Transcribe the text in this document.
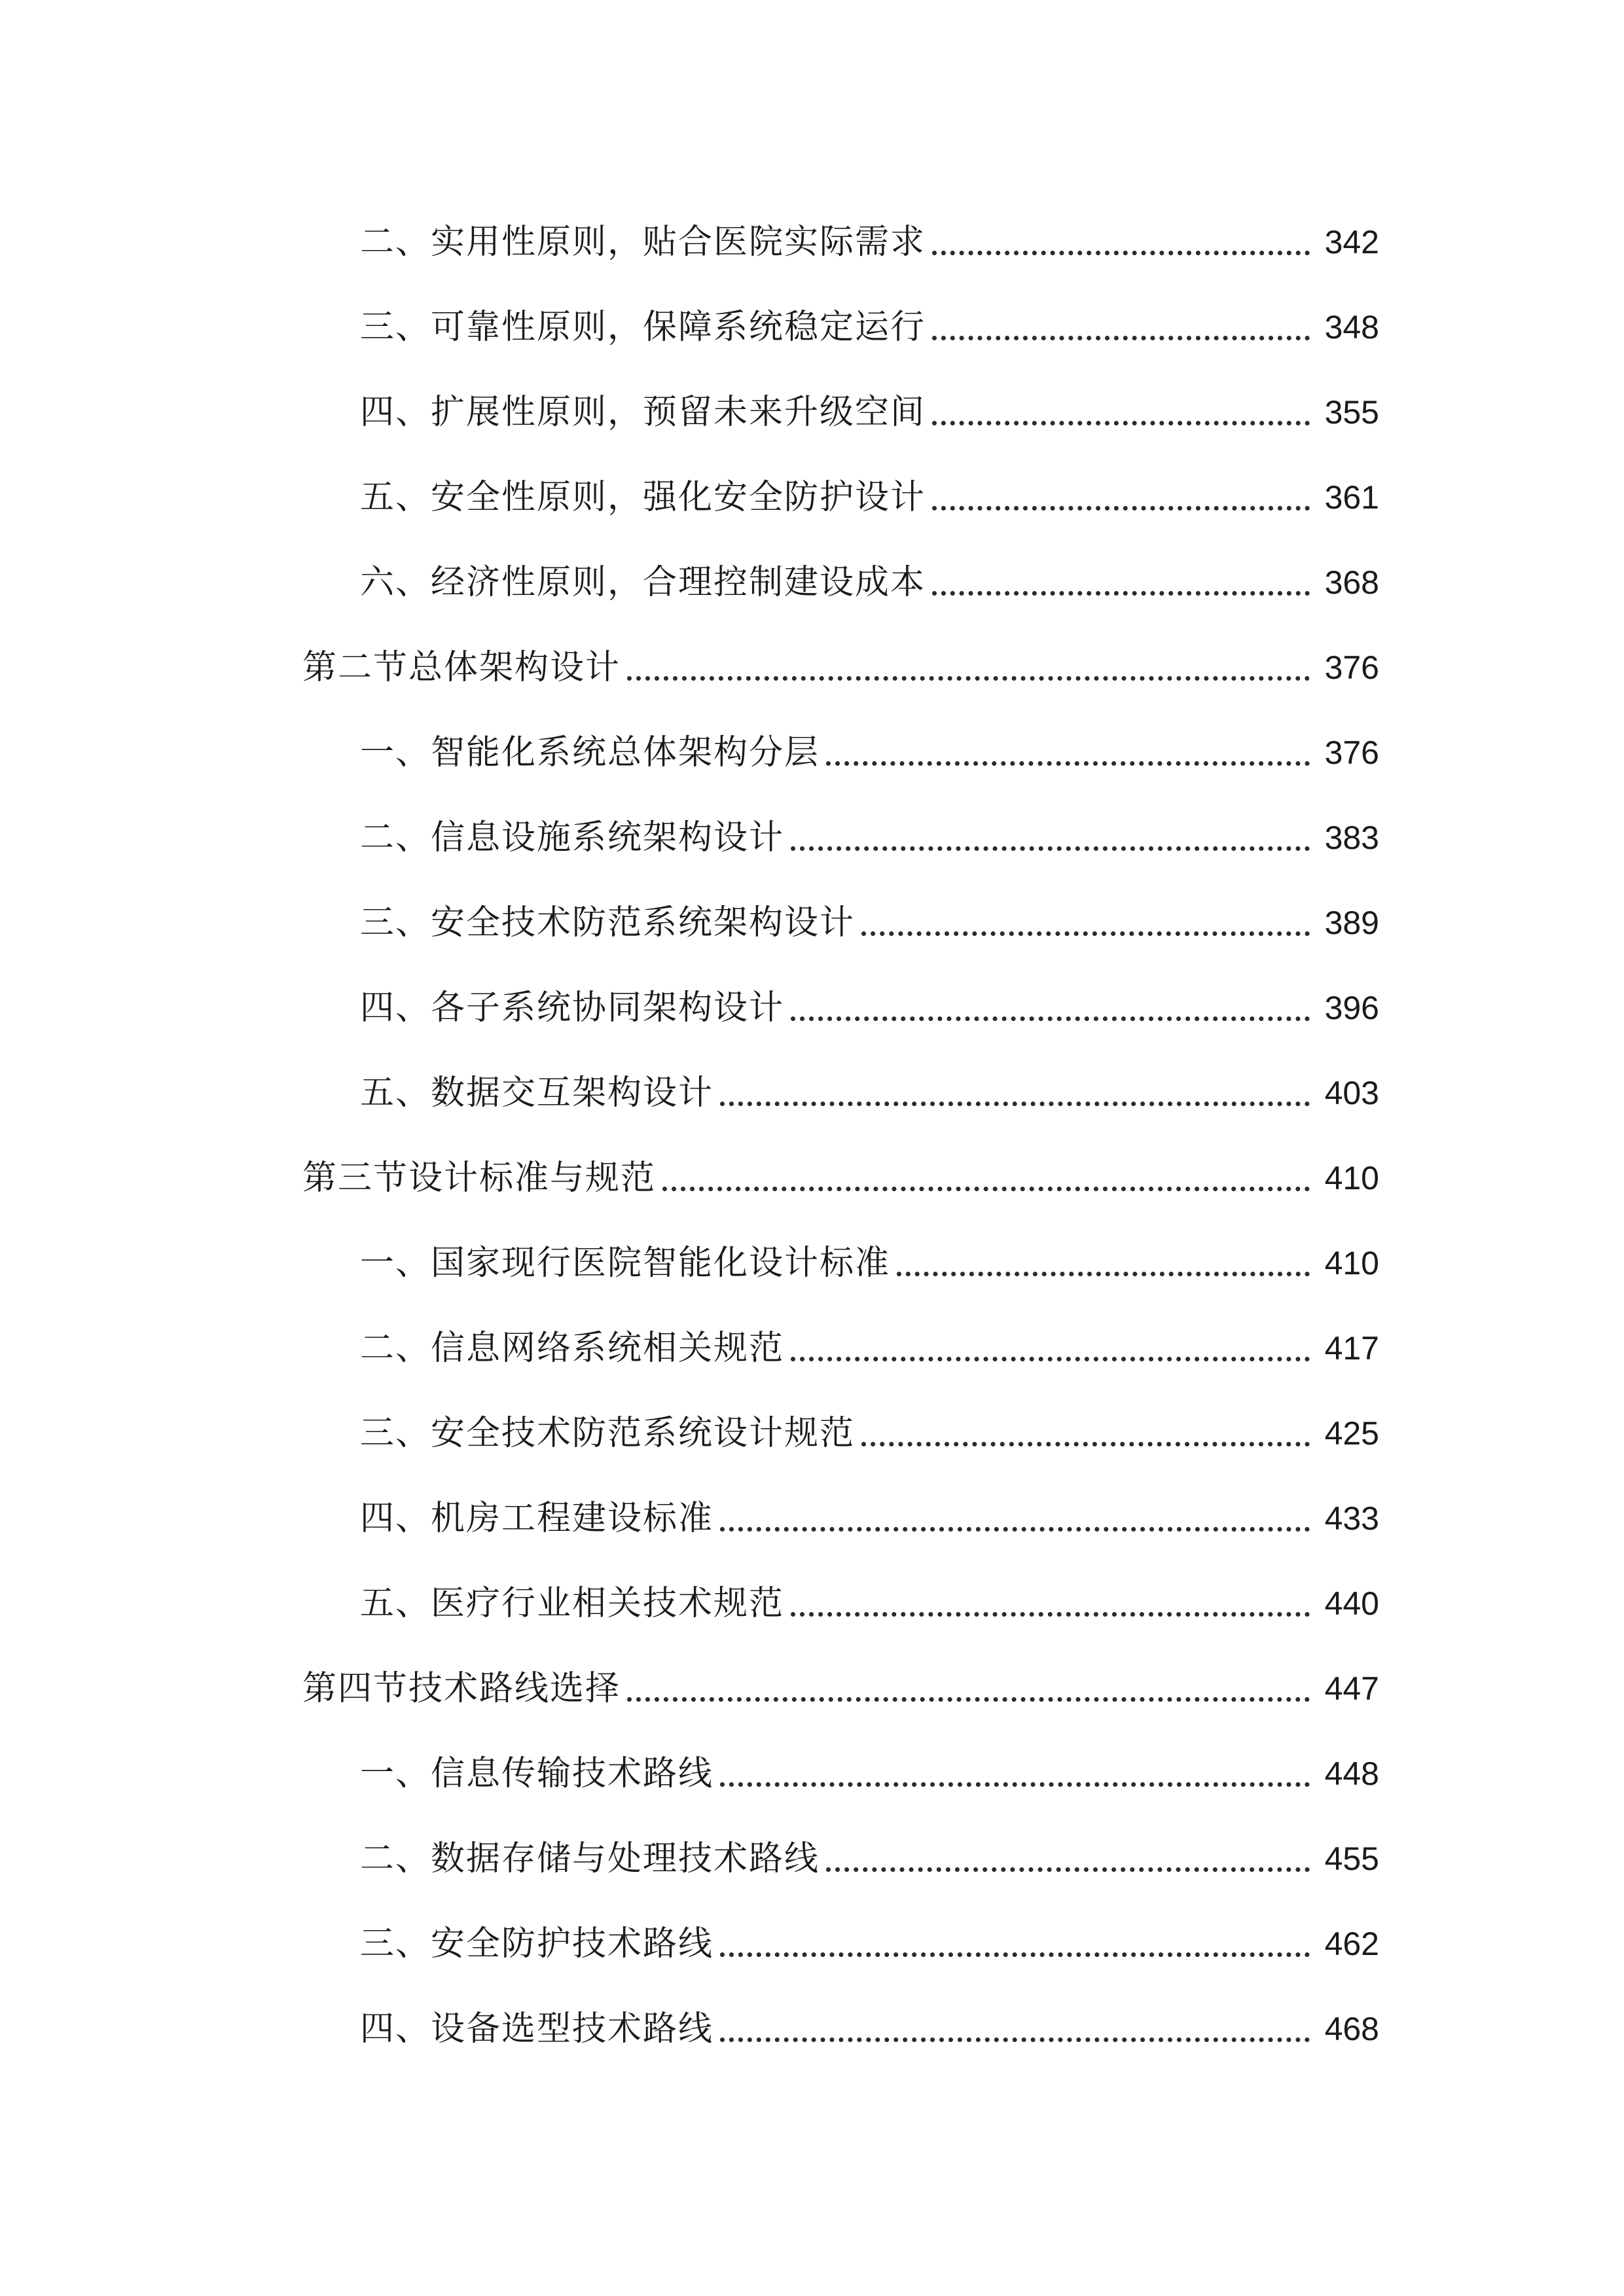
二、实用性原则，贴合医院实际需求	342
三、可靠性原则，保障系统稳定运行	348
四、扩展性原则，预留未来升级空间	355
五、安全性原则，强化安全防护设计	361
六、经济性原则，合理控制建设成本	368
第二节总体架构设计	376
一、智能化系统总体架构分层	376
二、信息设施系统架构设计	383
三、安全技术防范系统架构设计	389
四、各子系统协同架构设计	396
五、数据交互架构设计	403
第三节设计标准与规范	410
一、国家现行医院智能化设计标准	410
二、信息网络系统相关规范	417
三、安全技术防范系统设计规范	425
四、机房工程建设标准	433
五、医疗行业相关技术规范	440
第四节技术路线选择	447
一、信息传输技术路线	448
二、数据存储与处理技术路线	455
三、安全防护技术路线	462
四、设备选型技术路线	468
